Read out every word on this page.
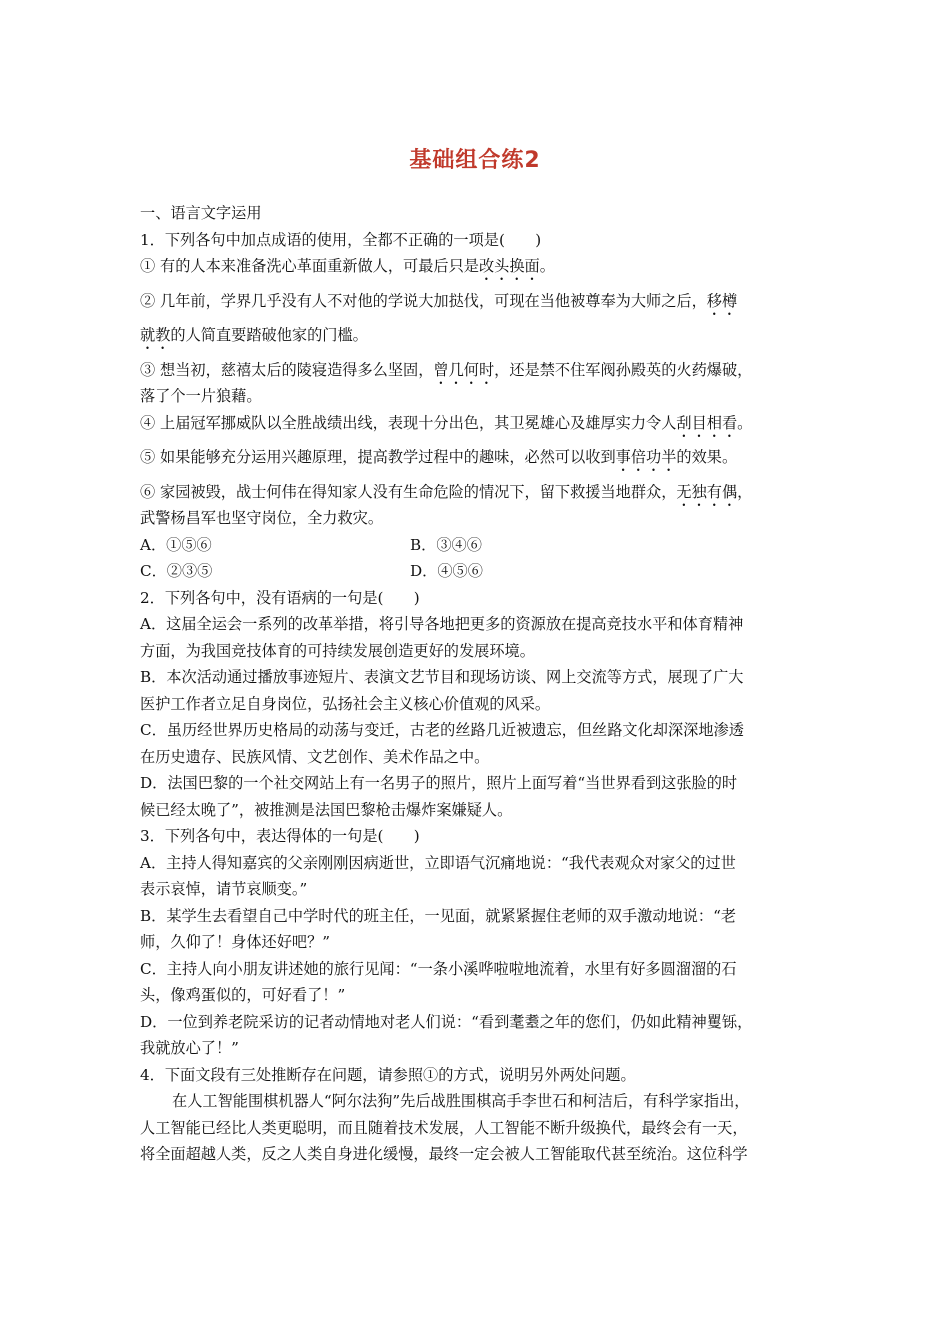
基础组合练2
一、语言文字运用
1．下列各句中加点成语的使用，全都不正确的一项是(　　)
① 有的人本来准备洗心革面重新做人，可最后只是改头换面。
② 几年前，学界几乎没有人不对他的学说大加挞伐，可现在当他被尊奉为大师之后，移樽
就教的人简直要踏破他家的门槛。
③ 想当初，慈禧太后的陵寝造得多么坚固，曾几何时，还是禁不住军阀孙殿英的火药爆破，
落了个一片狼藉。
④ 上届冠军挪威队以全胜战绩出线，表现十分出色，其卫冕雄心及雄厚实力令人刮目相看。
⑤ 如果能够充分运用兴趣原理，提高教学过程中的趣味，必然可以收到事倍功半的效果。
⑥ 家园被毁，战士何伟在得知家人没有生命危险的情况下，留下救援当地群众，无独有偶，
武警杨昌军也坚守岗位，全力救灾。
A．①⑤⑥	B．③④⑥
C．②③⑤	D．④⑤⑥
2．下列各句中，没有语病的一句是(　　)
A．这届全运会一系列的改革举措，将引导各地把更多的资源放在提高竞技水平和体育精神
方面，为我国竞技体育的可持续发展创造更好的发展环境。
B．本次活动通过播放事迹短片、表演文艺节目和现场访谈、网上交流等方式，展现了广大
医护工作者立足自身岗位，弘扬社会主义核心价值观的风采。
C．虽历经世界历史格局的动荡与变迁，古老的丝路几近被遗忘，但丝路文化却深深地渗透
在历史遗存、民族风情、文艺创作、美术作品之中。
D．法国巴黎的一个社交网站上有一名男子的照片，照片上面写着“当世界看到这张脸的时
候已经太晚了”，被推测是法国巴黎枪击爆炸案嫌疑人。
3．下列各句中，表达得体的一句是(　　)
A．主持人得知嘉宾的父亲刚刚因病逝世，立即语气沉痛地说：“我代表观众对家父的过世
表示哀悼，请节哀顺变。”
B．某学生去看望自己中学时代的班主任，一见面，就紧紧握住老师的双手激动地说：“老
师，久仰了！身体还好吧？”
C．主持人向小朋友讲述她的旅行见闻：“一条小溪哗啦啦地流着，水里有好多圆溜溜的石
头，像鸡蛋似的，可好看了！”
D．一位到养老院采访的记者动情地对老人们说：“看到耄耋之年的您们，仍如此精神矍铄，
我就放心了！”
4．下面文段有三处推断存在问题，请参照①的方式，说明另外两处问题。
在人工智能围棋机器人“阿尔法狗”先后战胜围棋高手李世石和柯洁后，有科学家指出，
人工智能已经比人类更聪明，而且随着技术发展，人工智能不断升级换代，最终会有一天，
将全面超越人类，反之人类自身进化缓慢，最终一定会被人工智能取代甚至统治。这位科学
